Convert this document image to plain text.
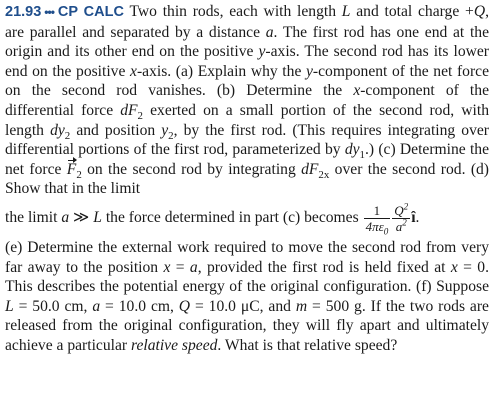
21.93 ••• CP CALC Two thin rods, each with length L and total charge +Q, are parallel and separated by a distance a. The first rod has one end at the origin and its other end on the positive y-axis. The second rod has its lower end on the positive x-axis. (a) Explain why the y-component of the net force on the second rod vanishes. (b) Determine the x-component of the differential force $dF_2$ exerted on a small portion of the second rod, with length $dy_2$ and position $y_2$, by the first rod. (This requires integrating over differential portions of the first rod, parameterized by $dy_1$.) (c) Determine the net force $F_2$ on the second rod by integrating $dF_{2x}$ over the second rod. (d) Show that in the limit

the limit a ≫ L the force determined in part (c) becomes $\frac{1}{4\pi\varepsilon_0} \frac{Q^2}{a^2}$ î.

(e) Determine the external work required to move the second rod from very far away to the position x = a, provided the first rod is held fixed at x = 0. This describes the potential energy of the original configuration. (f) Suppose L = 50.0 cm, a = 10.0 cm, Q = 10.0 μC, and m = 500 g. If the two rods are released from the original configuration, they will fly apart and ultimately achieve a particular relative speed. What is that relative speed?
